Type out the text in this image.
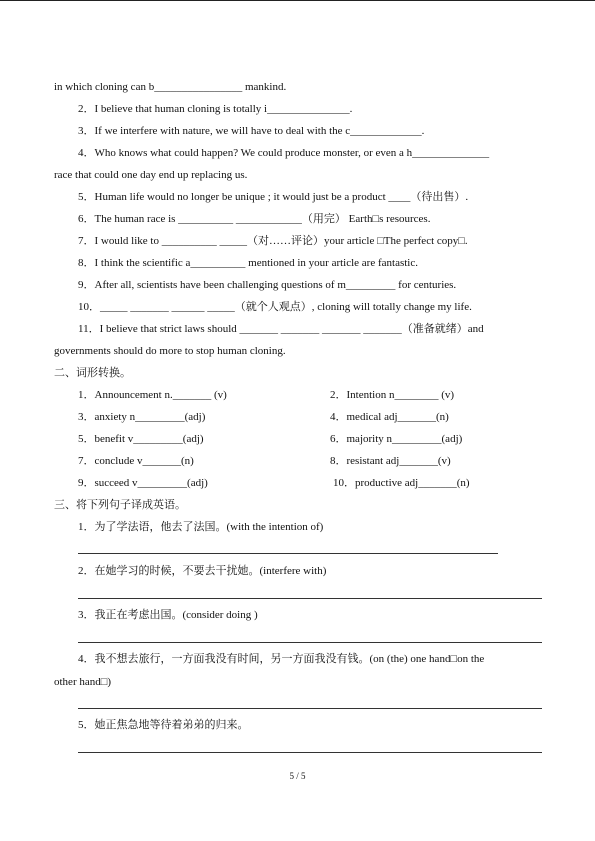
in which cloning can b________________ mankind.
2．I believe that human cloning is totally i_______________.
3．If we interfere with nature, we will have to deal with the c_____________.
4．Who knows what could happen? We could produce monster, or even a h______________
race that could one day end up replacing us.
5．Human life would no longer be unique ; it would just be a product ____（待出售）.
6．The human race is __________ ____________（用完） Earth□s resources.
7．I would like to __________ _____（对……评论）your article □The perfect copy□.
8．I think the scientific a__________ mentioned in your article are fantastic.
9．After all, scientists have been challenging questions of m_________ for centuries.
10．_____ _______ ______ _____（就个人观点）, cloning will totally change my life.
11．I believe that strict laws should _______ _______ _______ _______（准备就绪）and
governments should do more to stop human cloning.
二、词形转换。
1．Announcement n._______ (v)
3．anxiety n_________(adj)
5．benefit v_________(adj)
7．conclude v_______(n)
9．succeed v_________(adj)
2．Intention n________ (v)
4．medical adj_______(n)
6．majority n_________(adj)
8．resistant adj_______(v)
10．productive adj_______(n)
三、将下列句子译成英语。
1．为了学法语，他去了法国。(with the intention of)
2．在她学习的时候，不要去干扰她。(interfere with)
3．我正在考虑出国。(consider doing )
4．我不想去旅行，一方面我没有时间，另一方面我没有钱。(on (the) one hand□on the
other hand□)
5．她正焦急地等待着弟弟的归来。
5 / 5
